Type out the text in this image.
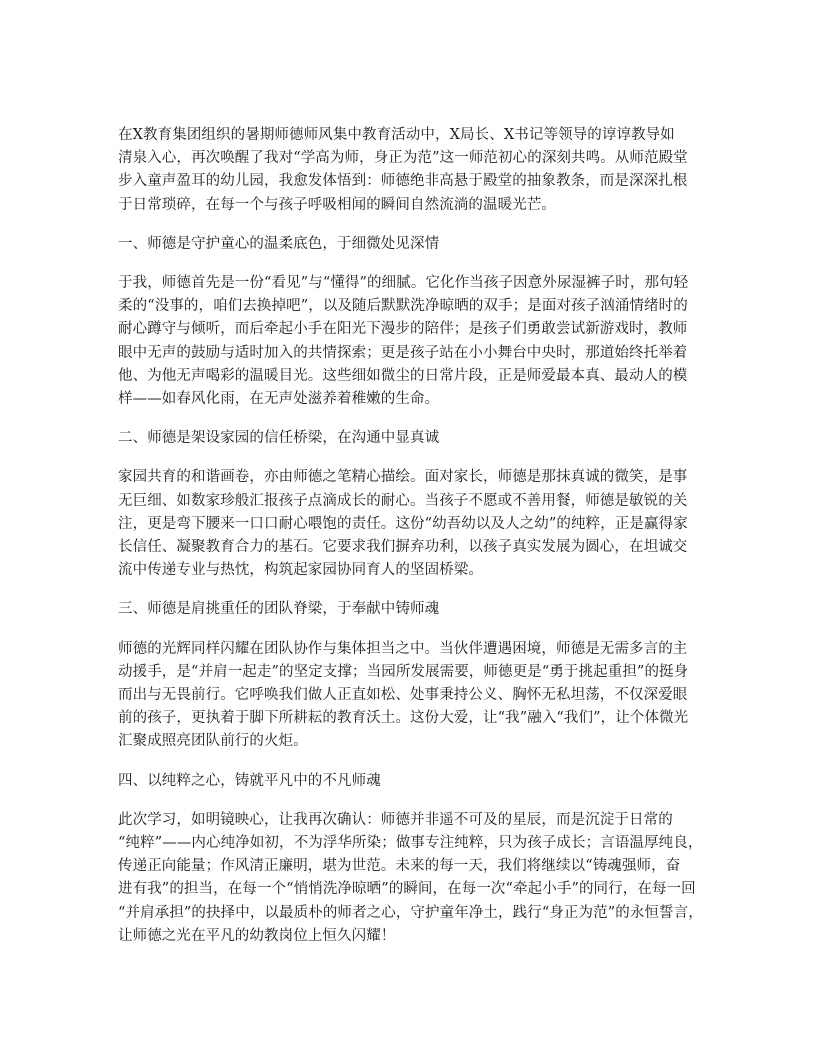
在X教育集团组织的暑期师德师风集中教育活动中，X局长、X书记等领导的谆谆教导如
清泉入心，再次唤醒了我对“学高为师，身正为范”这一师范初心的深刻共鸣。从师范殿堂
步入童声盈耳的幼儿园，我愈发体悟到：师德绝非高悬于殿堂的抽象教条，而是深深扎根
于日常琐碎，在每一个与孩子呼吸相闻的瞬间自然流淌的温暖光芒。
一、师德是守护童心的温柔底色，于细微处见深情
于我，师德首先是一份“看见”与“懂得”的细腻。它化作当孩子因意外尿湿裤子时，那句轻
柔的“没事的，咱们去换掉吧”，以及随后默默洗净晾晒的双手；是面对孩子汹涌情绪时的
耐心蹲守与倾听，而后牵起小手在阳光下漫步的陪伴；是孩子们勇敢尝试新游戏时，教师
眼中无声的鼓励与适时加入的共情探索；更是孩子站在小小舞台中央时，那道始终托举着
他、为他无声喝彩的温暖目光。这些细如微尘的日常片段，正是师爱最本真、最动人的模
样——如春风化雨，在无声处滋养着稚嫩的生命。
二、师德是架设家园的信任桥梁，在沟通中显真诚
家园共育的和谐画卷，亦由师德之笔精心描绘。面对家长，师德是那抹真诚的微笑，是事
无巨细、如数家珍般汇报孩子点滴成长的耐心。当孩子不愿或不善用餐，师德是敏锐的关
注，更是弯下腰来一口口耐心喂饱的责任。这份“幼吾幼以及人之幼”的纯粹，正是赢得家
长信任、凝聚教育合力的基石。它要求我们摒弃功利，以孩子真实发展为圆心，在坦诚交
流中传递专业与热忱，构筑起家园协同育人的坚固桥梁。
三、师德是肩挑重任的团队脊梁，于奉献中铸师魂
师德的光辉同样闪耀在团队协作与集体担当之中。当伙伴遭遇困境，师德是无需多言的主
动援手，是“并肩一起走”的坚定支撑；当园所发展需要，师德更是“勇于挑起重担”的挺身
而出与无畏前行。它呼唤我们做人正直如松、处事秉持公义、胸怀无私坦荡，不仅深爱眼
前的孩子，更执着于脚下所耕耘的教育沃土。这份大爱，让“我”融入“我们”，让个体微光
汇聚成照亮团队前行的火炬。
四、以纯粹之心，铸就平凡中的不凡师魂
此次学习，如明镜映心，让我再次确认：师德并非遥不可及的星辰，而是沉淀于日常的
“纯粹”——内心纯净如初，不为浮华所染；做事专注纯粹，只为孩子成长；言语温厚纯良，
传递正向能量；作风清正廉明，堪为世范。未来的每一天，我们将继续以“铸魂强师，奋
进有我”的担当，在每一个“悄悄洗净晾晒”的瞬间，在每一次“牵起小手”的同行，在每一回
“并肩承担”的抉择中，以最质朴的师者之心，守护童年净土，践行“身正为范”的永恒誓言，
让师德之光在平凡的幼教岗位上恒久闪耀！
